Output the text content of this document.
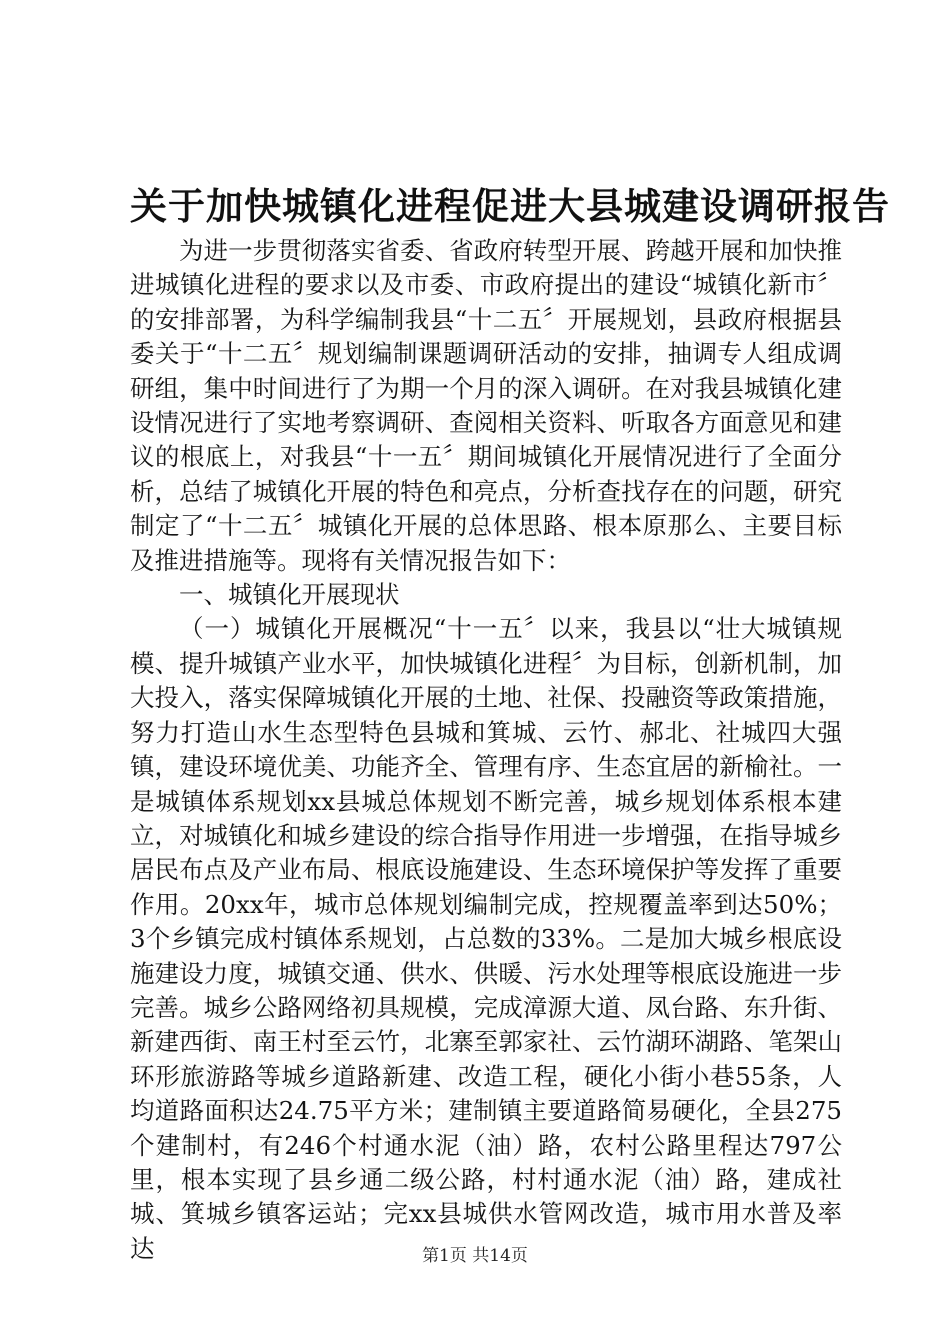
关于加快城镇化进程促进大县城建设调研报告

为进一步贯彻落实省委、省政府转型开展、跨越开展和加快推进城镇化进程的要求以及市委、市政府提出的建设“城镇化新市〞的安排部署，为科学编制我县“十二五〞开展规划，县政府根据县委关于“十二五〞规划编制课题调研活动的安排，抽调专人组成调研组，集中时间进行了为期一个月的深入调研。在对我县城镇化建设情况进行了实地考察调研、查阅相关资料、听取各方面意见和建议的根底上，对我县“十一五〞期间城镇化开展情况进行了全面分析，总结了城镇化开展的特色和亮点，分析查找存在的问题，研究制定了“十二五〞城镇化开展的总体思路、根本原那么、主要目标及推进措施等。现将有关情况报告如下：

一、城镇化开展现状

（一）城镇化开展概况“十一五〞以来，我县以“壮大城镇规模、提升城镇产业水平，加快城镇化进程〞为目标，创新机制，加大投入，落实保障城镇化开展的土地、社保、投融资等政策措施，努力打造山水生态型特色县城和箕城、云竹、郝北、社城四大强镇，建设环境优美、功能齐全、管理有序、生态宜居的新榆社。一是城镇体系规划xx县城总体规划不断完善，城乡规划体系根本建立，对城镇化和城乡建设的综合指导作用进一步增强，在指导城乡居民布点及产业布局、根底设施建设、生态环境保护等发挥了重要作用。20xx年，城市总体规划编制完成，控规覆盖率到达50%；3个乡镇完成村镇体系规划，占总数的33%。二是加大城乡根底设施建设力度，城镇交通、供水、供暖、污水处理等根底设施进一步完善。城乡公路网络初具规模，完成漳源大道、凤台路、东升街、新建西街、南王村至云竹，北寨至郭家社、云竹湖环湖路、笔架山环形旅游路等城乡道路新建、改造工程，硬化小街小巷55条，人均道路面积达24.75平方米；建制镇主要道路简易硬化，全县275个建制村，有246个村通水泥（油）路，农村公路里程达797公里，根本实现了县乡通二级公路，村村通水泥（油）路，建成社城、箕城乡镇客运站；完xx县城供水管网改造，城市用水普及率达	第1页 共14页
